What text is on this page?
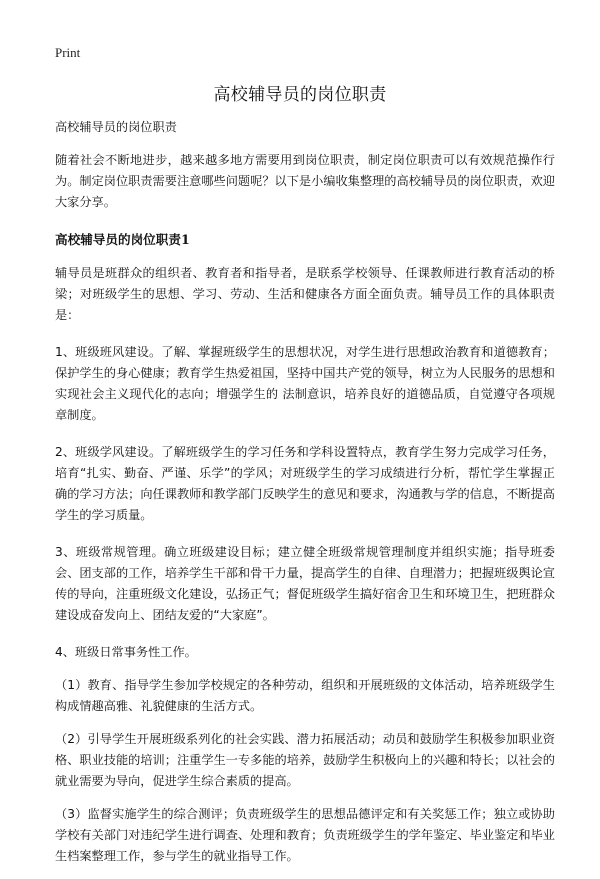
Print
高校辅导员的岗位职责

高校辅导员的岗位职责

随着社会不断地进步，越来越多地方需要用到岗位职责，制定岗位职责可以有效规范操作行为。制定岗位职责需要注意哪些问题呢？以下是小编收集整理的高校辅导员的岗位职责，欢迎大家分享。

高校辅导员的岗位职责1

辅导员是班群众的组织者、教育者和指导者，是联系学校领导、任课教师进行教育活动的桥梁；对班级学生的思想、学习、劳动、生活和健康各方面全面负责。辅导员工作的具体职责是：

1、班级班风建设。了解、掌握班级学生的思想状况，对学生进行思想政治教育和道德教育；保护学生的身心健康；教育学生热爱祖国，坚持中国共产党的领导，树立为人民服务的思想和实现社会主义现代化的志向；增强学生的 法制意识，培养良好的道德品质，自觉遵守各项规章制度。

2、班级学风建设。了解班级学生的学习任务和学科设置特点，教育学生努力完成学习任务，培育“扎实、勤奋、严谨、乐学”的学风；对班级学生的学习成绩进行分析，帮忙学生掌握正确的学习方法；向任课教师和教学部门反映学生的意见和要求，沟通教与学的信息，不断提高学生的学习质量。

3、班级常规管理。确立班级建设目标；建立健全班级常规管理制度并组织实施；指导班委会、团支部的工作，培养学生干部和骨干力量，提高学生的自律、自理潜力；把握班级舆论宣传的导向，注重班级文化建设，弘扬正气；督促班级学生搞好宿舍卫生和环境卫生，把班群众建设成奋发向上、团结友爱的“大家庭”。

4、班级日常事务性工作。

（1）教育、指导学生参加学校规定的各种劳动，组织和开展班级的文体活动，培养班级学生构成情趣高雅、礼貌健康的生活方式。

（2）引导学生开展班级系列化的社会实践、潜力拓展活动；动员和鼓励学生积极参加职业资格、职业技能的培训；注重学生一专多能的培养，鼓励学生积极向上的兴趣和特长；以社会的就业需要为导向，促进学生综合素质的提高。

（3）监督实施学生的综合测评；负责班级学生的思想品德评定和有关奖惩工作；独立或协助学校有关部门对违纪学生进行调查、处理和教育；负责班级学生的学年鉴定、毕业鉴定和毕业生档案整理工作，参与学生的就业指导工作。
